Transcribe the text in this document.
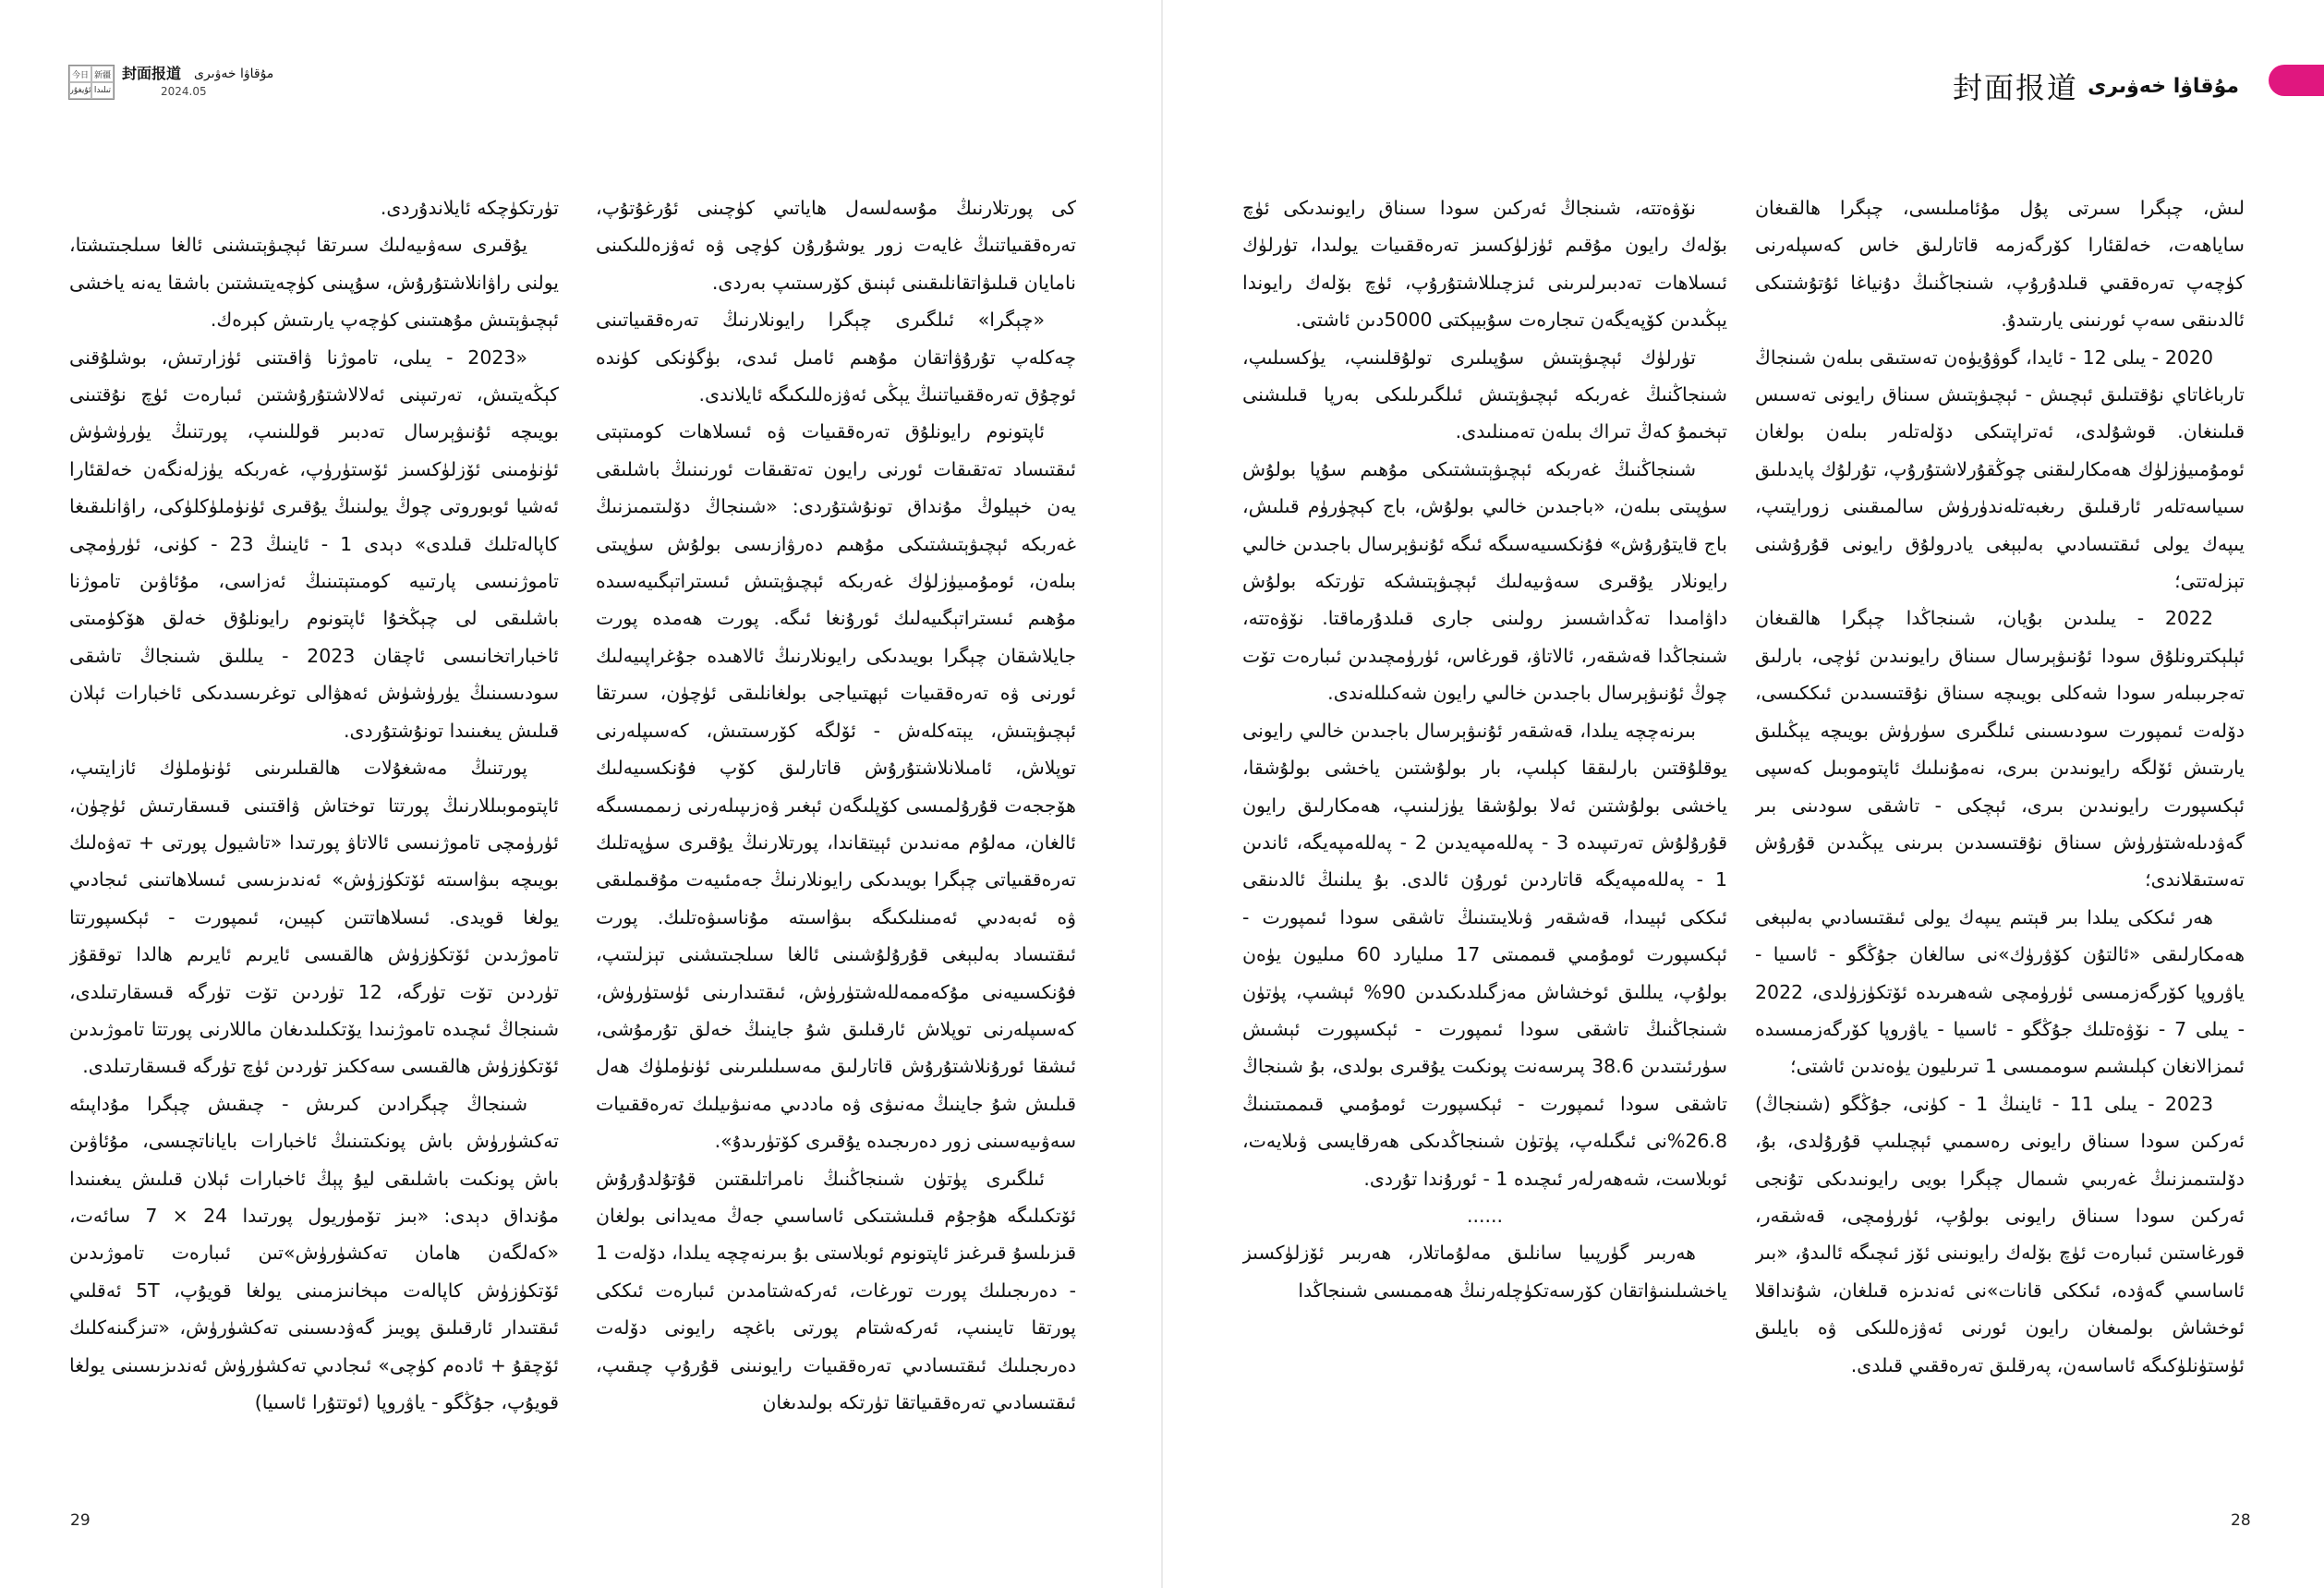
今日 新疆
ئۇيغۇر تىلىدا
封面报道 مۇقاۋا خەۋىرى
2024.05

كى پورتلارنىڭ مۇسەلسەل ھاياتىي كۈچىنى ئۇرغۇتۇپ، تەرەققىياتنىڭ غايەت زور يوشۇرۇن كۈچى ۋە ئەۋزەللىكىنى نامايان قىلىۋاتقانلىقىنى ئېنىق كۆرسىتىپ بەردى.

«چېگرا» ئىلگىرى چېگرا رايونلارنىڭ تەرەققىياتىنى چەكلەپ تۇرۇۋاتقان مۇھىم ئامىل ئىدى، بۈگۈنكى كۈندە ئوچۇق تەرەققىياتنىڭ يېڭى ئەۋزەللىكىگە ئايلاندى.

ئاپتونوم رايونلۇق تەرەققىيات ۋە ئىسلاھات كومىتېتى ئىقتىساد تەتقىقات ئورنى رايون تەتقىقات ئورنىنىڭ باشلىقى يەن خېيلوڭ مۇنداق تونۇشتۇردى: «شىنجاڭ دۆلىتىمىزنىڭ غەربكە ئېچىۋېتىشتىكى مۇھىم دەرۋازىسى بولۇش سۈپىتى بىلەن، ئومۇمىيۈزلۈك غەربكە ئېچىۋېتىش ئىستراتېگىيەسىدە مۇھىم ئىستراتېگىيەلىك ئورۇنغا ئىگە. پورت ھەمدە پورت جايلاشقان چېگرا بويىدىكى رايونلارنىڭ ئالاھىدە جۇغراپىيەلىك ئورنى ۋە تەرەققىيات ئېھتىياجى بولغانلىقى ئۈچۈن، سىرتقا ئېچىۋېتىش، يېتەكلەش - ئۆلگە كۆرسىتىش، كەسىپلەرنى توپلاش، ئامىلانلاشتۇرۇش قاتارلىق كۆپ فۇنكسىيەلىك ھۆججەت قۇرۇلمىسى كۆپلىگەن ئېغىر ۋەزىپىلەرنى زىممىسىگە ئالغان، مەلۇم مەنىدىن ئېيتقاندا، پورتلارنىڭ يۇقىرى سۈپەتلىك تەرەققىياتى چېگرا بويىدىكى رايونلارنىڭ جەمئىيەت مۇقىملىقى ۋە ئەبەدىي ئەمىنلىكىگە بىۋاسىتە مۇناسىۋەتلىك. پورت ئىقتىساد بەلبېغى قۇرۇلۇشىنى ئالغا سىلجىتىشنى تېزلىتىپ، فۇنكسىيەنى مۇكەممەللەشتۈرۈش، ئىقتىدارىنى ئۈستۈرۈش، كەسىپلەرنى توپلاش ئارقىلىق شۇ جاينىڭ خەلق تۇرمۇشى، ئىشقا ئورۇنلاشتۇرۇش قاتارلىق مەسىلىلىرىنى ئۈنۈملۈك ھەل قىلىش شۇ جاينىڭ مەنىۋى ۋە ماددىي مەنىۋىيلىك تەرەققىيات سەۋىيەسىنى زور دەرىجىدە يۇقىرى كۆتۈرىدۇ».

ئىلگىرى پۈتۈن شىنجاڭنىڭ نامراتلىقتىن قۇتۇلدۇرۇش ئۆتكىلىگە ھۇجۇم قىلىشتىكى ئاساسىي جەڭ مەيدانى بولغان قىزىلسۇ قىرغىز ئاپتونوم ئوبلاستى بۇ بىرنەچچە يىلدا، دۆلەت 1 - دەرىجىلىك پورت تورغات، ئەركەشتامدىن ئىبارەت ئىككى پورتقا تايىنىپ، ئەركەشتام پورتى باغچە رايونى دۆلەت دەرىجىلىك ئىقتىسادىي تەرەققىيات رايونىنى قۇرۇپ چىقىپ، ئىقتىسادىي تەرەققىياتقا تۈرتكە بولىدىغان

تۈرتكۈچكە ئايلاندۇردى.

يۇقىرى سەۋىيەلىك سىرتقا ئېچىۋېتىشنى ئالغا سىلجىتىشتا، يولنى راۋانلاشتۇرۇش، سۇپىنى كۈچەيتىشتىن باشقا يەنە ياخشى ئېچىۋېتىش مۇھىتىنى كۈچەپ يارىتىش كېرەك.

«2023 - يىلى، تاموژنا ۋاقىتنى ئۈزارتىش، بوشلۇقنى كېڭەيتىش، تەرتىپنى ئەلالاشتۇرۇشتىن ئىبارەت ئۈچ نۇقتىنى بويىچە ئۇنىۋېرسال تەدبىر قوللىنىپ، پورتنىڭ يۈرۈشۈش ئۈنۈمىنى ئۆزلۈكسىز ئۆستۈرۈپ، غەربكە يۈزلەنگەن خەلقئارا ئەشيا ئوبوروتى چوڭ يولىنىڭ يۇقىرى ئۈنۈملۈكلۈكى، راۋانلىقىغا كاپالەتلىك قىلدى» دېدى 1 - ئاينىڭ 23 - كۈنى، ئۈرۈمچى تاموژنىسى پارتىيە كومىتېتىنىڭ ئەزاسى، مۇئاۋىن تاموژنا باشلىقى لى چېڭخۇا ئاپتونوم رايونلۇق خەلق ھۆكۈمىتى ئاخباراتخانىسى ئاچقان 2023 - يىللىق شىنجاڭ تاشقى سودىسىنىڭ يۈرۈشۈش ئەھۋالى توغرىسىدىكى ئاخبارات ئېلان قىلىش يىغىنىدا تونۇشتۇردى.

پورتنىڭ مەشغۇلات ھالقىلىرىنى ئۈنۈملۈك ئازايتىپ، ئاپتوموبىللارنىڭ پورتتا توختاش ۋاقتىنى قىسقارتىش ئۈچۈن، ئۈرۈمچى تاموژنىسى ئالاتاۋ پورتىدا «تاشيول پورتى + تەۋەلىك بويىچە بىۋاسىتە ئۆتكۈزۈش» ئەندىزىسى ئىسلاھاتىنى ئىجادىي يولغا قويدى. ئىسلاھاتتىن كېيىن، ئىمپورت - ئېكسپورتتا تاموژىدىن ئۆتكۈزۈش ھالقىسى ئايرىم ئايرىم ھالدا توققۇز تۈردىن تۆت تۈرگە، 12 تۈردىن تۆت تۈرگە قىسقارتىلدى، شىنجاڭ ئىچىدە تاموژنىدا يۆتكىلىدىغان ماللارنى پورتتا تاموژىدىن ئۆتكۈزۈش ھالقىسى سەككىز تۈردىن ئۈچ تۈرگە قىسقارتىلدى.

شىنجاڭ چېگرادىن كىرىش - چىقىش چېگرا مۇداپىئە تەكشۈرۈش باش پونكىتىنىڭ ئاخبارات باياناتچىسى، مۇئاۋىن باش پونكىت باشلىقى ليۇ پېڭ ئاخبارات ئېلان قىلىش يىغىنىدا مۇنداق دېدى: «بىز تۆمۈريول پورتىدا 24 × 7 سائەت، «كەلگەن ھامان تەكشۈرۈش»تىن ئىبارەت تاموژىدىن ئۆتكۈزۈش كاپالەت مېخانىزمىنى يولغا قويۇپ، 5T ئەقلىي ئىقتىدار ئارقىلىق پويىز گەۋدىسىنى تەكشۈرۈش، «تىزگىنەكلىك ئۆچقۇ + ئادەم كۈچى» ئىجادىي تەكشۈرۈش ئەندىزىسىنى يولغا قويۇپ، جۇڭگو - ياۋروپا (ئوتتۇرا ئاسىيا)

29
封面报道 مۇقاۋا خەۋىرى

لىش، چېگرا سىرتى پۇل مۇئامىلىسى، چېگرا ھالقىغان ساياھەت، خەلقئارا كۆرگەزمە قاتارلىق خاس كەسپلەرنى كۈچەپ تەرەققىي قىلدۇرۇپ، شىنجاڭنىڭ دۇنياغا ئۇتۇشتىكى ئالدىنقى سەپ ئورنىنى يارىتىدۇ.

2020 - يىلى 12 - ئايدا، گوۋۇيۈەن تەستىقى بىلەن شىنجاڭ تارباغاتاي نۇقتىلىق ئېچىش - ئېچىۋېتىش سىناق رايونى تەسىس قىلىنغان. قوشۇلدى، ئەتراپتىكى دۆلەتلەر بىلەن بولغان ئومۇمىيۈزلۈك ھەمكارلىقنى چوڭقۇرلاشتۇرۇپ، تۇرلۇك پايدىلىق سىياسەتلەر ئارقىلىق رىغبەتلەندۈرۈش سالمىقىنى زورايتىپ، يىپەك يولى ئىقتىسادىي بەلبېغى يادرولۇق رايونى قۇرۇشنى تېزلەتتى؛

2022 - يىلىدىن بۇيان، شىنجاڭدا چېگرا ھالقىغان ئېلېكترونلۇق سودا ئۇنىۋېرسال سىناق رايونىدىن ئۈچى، بارلىق تەجرىبىلەر سودا شەكلى بويىچە سىناق نۇقتىسىدىن ئىككىسى، دۆلەت ئىمپورت سودىسىنى ئىلگىرى سۈرۈش بويىچە يېڭىلىق يارىتىش ئۆلگە رايونىدىن بىرى، نەمۇنىلىك ئاپتوموبىل كەسپى ئېكسپورت رايونىدىن بىرى، ئېچكى - تاشقى سودىنى بىر گەۋدىلەشتۈرۈش سىناق نۇقتىسىدىن بىرىنى يېڭىدىن قۇرۇش تەستىقلاندى؛

ھەر ئىككى يىلدا بىر قېتىم يىپەك يولى ئىقتىسادىي بەلبېغى ھەمكارلىقى «ئالتۇن كۆۋرۈك»نى سالغان جۇڭگو - ئاسىيا - ياۋروپا كۆرگەزمىسى ئۈرۈمچى شەھىرىدە ئۆتكۈزۈلدى، 2022 - يىلى 7 - نۆۋەتلىك جۇڭگو - ئاسىيا - ياۋروپا كۆرگەزمىسىدە ئىمزالانغان كېلىشىم سوممىسى 1 تىرىليون يۈەندىن ئاشتى؛

2023 - يىلى 11 - ئاينىڭ 1 - كۈنى، جۇڭگو (شىنجاڭ) ئەركىن سودا سىناق رايونى رەسمىي ئېچىلىپ قۇرۇلدى، بۇ، دۆلىتىمىزنىڭ غەربىي شىمال چېگرا بويى رايونىدىكى تۇنجى ئەركىن سودا سىناق رايونى بولۇپ، ئۈرۈمچى، قەشقەر، قورغاستىن ئىبارەت ئۈچ بۆلەك رايونىنى ئۆز ئىچىگە ئالىدۇ، «بىر ئاساسىي گەۋدە، ئىككى قانات»نى ئەندىزە قىلغان، شۇنداقلا ئوخشاش بولمىغان رايون ئورنى ئەۋزەللىكى ۋە بايلىق ئۈستۈنلۈكىگە ئاساسەن، پەرقلىق تەرەققىي قىلدى.

نۆۋەتتە، شىنجاڭ ئەركىن سودا سىناق رايونىدىكى ئۈچ بۆلەك رايون مۇقىم ئۈزلۈكسىز تەرەققىيات يولىدا، تۈرلۈك ئىسلاھات تەدبىرلىرىنى ئىزچىللاشتۇرۇپ، ئۈچ بۆلەك رايوندا يېڭىدىن كۆپەيگەن تىجارەت سۇبيېكتى 5000دىن ئاشتى.

تۈرلۈك ئېچىۋېتىش سۇپىلىرى تولۇقلىنىپ، يۈكسىلىپ، شىنجاڭنىڭ غەربكە ئېچىۋېتىش ئىلگىرىلىكى بەرپا قىلىشنى تېخىمۇ كەڭ تىراك بىلەن تەمىنلىدى.

شىنجاڭنىڭ غەربكە ئېچىۋېتىشتىكى مۇھىم سۇپا بولۇش سۈپىتى بىلەن، «باجىدىن خالىي بولۇش، باج كېچۈرۈم قىلىش، باج قايتۇرۇش» فۇنكسىيەسىگە ئىگە ئۇنىۋېرسال باجىدىن خالىي رايونلار يۇقىرى سەۋىيەلىك ئېچىۋېتىشكە تۈرتكە بولۇش داۋامىدا تەڭداشسىز رولىنى جارى قىلدۇرماقتا. نۆۋەتتە، شىنجاڭدا قەشقەر، ئالاتاۋ، قورغاس، ئۈرۈمچىدىن ئىبارەت تۆت چوڭ ئۇنىۋېرسال باجىدىن خالىي رايون شەكىللەندى.

بىرنەچچە يىلدا، قەشقەر ئۇنىۋېرسال باجىدىن خالىي رايونى يوقلۇقتىن بارلىققا كېلىپ، بار بولۇشتىن ياخشى بولۇشقا، ياخشى بولۇشتىن ئەلا بولۇشقا يۈزلىنىپ، ھەمكارلىق رايون قۇرۇلۇش تەرتىپىدە 3 - پەللەمپەيدىن 2 - پەللەمپەيگە، ئاندىن 1 - پەللەمپەيگە قاتاردىن ئورۇن ئالدى. بۇ يىلنىڭ ئالدىنقى ئىككى ئېيىدا، قەشقەر ۋىلايىتىنىڭ تاشقى سودا ئىمپورت - ئېكسپورت ئومۇمىي قىممىتى 17 مىليارد 60 مىليون يۈەن بولۇپ، يىللىق ئوخشاش مەزگىلدىكىدىن 90% ئېشىپ، پۈتۈن شىنجاڭنىڭ تاشقى سودا ئىمپورت - ئېكسپورت ئېشىش سۈرئىتىدىن 38.6 پىرسەنت پونكىت يۇقىرى بولدى، بۇ شىنجاڭ تاشقى سودا ئىمپورت - ئېكسپورت ئومۇمىي قىممىتىنىڭ 26.8%نى ئىگىلەپ، پۈتۈن شىنجاڭدىكى ھەرقايسى ۋىلايەت، ئوبلاست، شەھەرلەر ئىچىدە 1 - ئورۇندا تۇردى.

......

ھەربىر گۈرپىيا سانلىق مەلۇماتلار، ھەربىر ئۆزلۈكسىز ياخشىلىنىۋاتقان كۆرسەتكۈچلەرنىڭ ھەممىسى شىنجاڭدا

28
